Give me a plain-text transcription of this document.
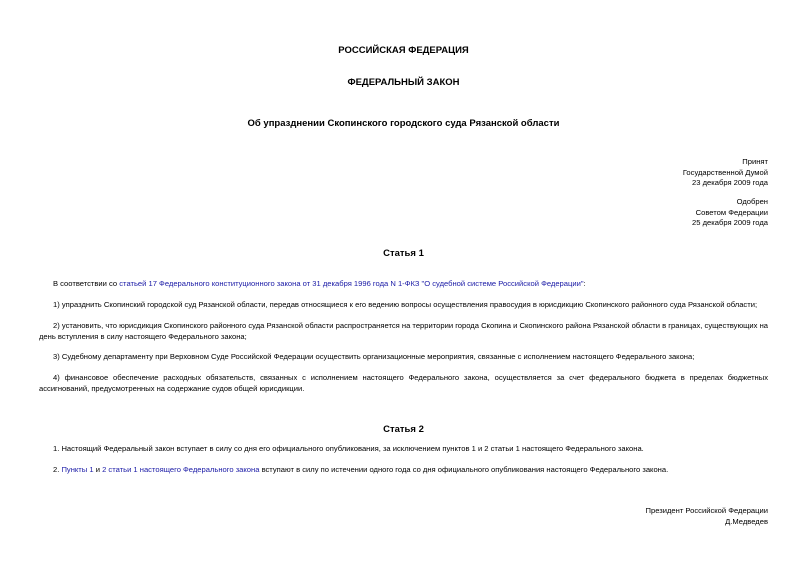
РОССИЙСКАЯ ФЕДЕРАЦИЯ
ФЕДЕРАЛЬНЫЙ ЗАКОН
Об упразднении Скопинского городского суда Рязанской области
Принят
Государственной Думой
23 декабря 2009 года
Одобрен
Советом Федерации
25 декабря 2009 года
Статья 1
В соответствии со статьей 17 Федерального конституционного закона от 31 декабря 1996 года N 1-ФКЗ "О судебной системе Российской Федерации":
1) упразднить Скопинский городской суд Рязанской области, передав относящиеся к его ведению вопросы осуществления правосудия в юрисдикцию Скопинского районного суда Рязанской области;
2) установить, что юрисдикция Скопинского районного суда Рязанской области распространяется на территории города Скопина и Скопинского района Рязанской области в границах, существующих на день вступления в силу настоящего Федерального закона;
3) Судебному департаменту при Верховном Суде Российской Федерации осуществить организационные мероприятия, связанные с исполнением настоящего Федерального закона;
4) финансовое обеспечение расходных обязательств, связанных с исполнением настоящего Федерального закона, осуществляется за счет федерального бюджета в пределах бюджетных ассигнований, предусмотренных на содержание судов общей юрисдикции.
Статья 2
1. Настоящий Федеральный закон вступает в силу со дня его официального опубликования, за исключением пунктов 1 и 2 статьи 1 настоящего Федерального закона.
2. Пункты 1 и 2 статьи 1 настоящего Федерального закона вступают в силу по истечении одного года со дня официального опубликования настоящего Федерального закона.
Президент Российской Федерации
Д.Медведев
